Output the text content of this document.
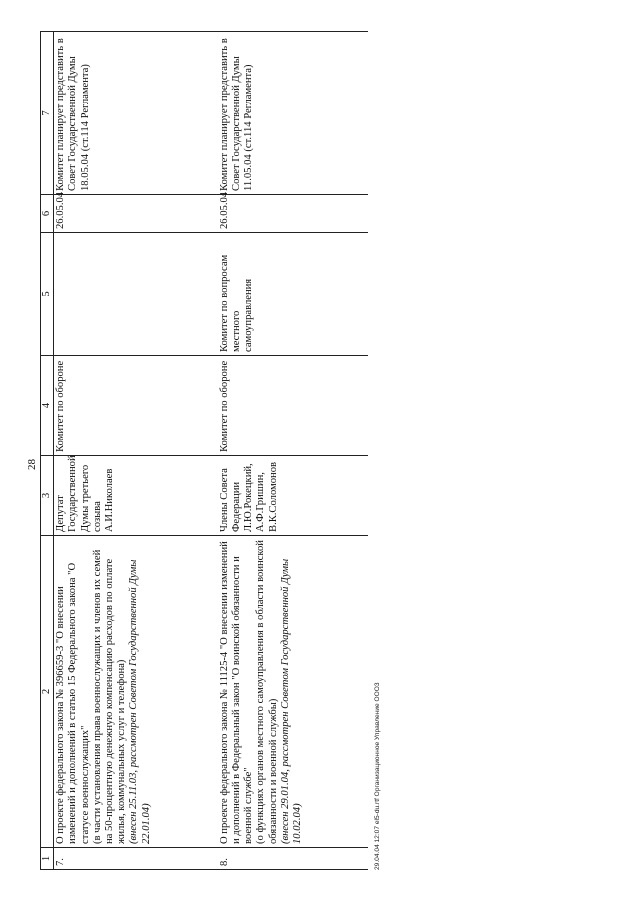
28
1	2	3	4	5	6	7
7.	О проекте федерального закона № 396659-3 "О внесении изменений и дополнений в статью 15 Федерального закона "О статусе военнослужащих" (в части установления права военнослужащих и членов их семей на 50-процентную денежную компенсацию расходов по оплате жилья, коммунальных услуг и телефона) (внесен 25.11.03, рассмотрен Советом Государственной Думы 22.01.04)	Депутат Государственной Думы третьего созыва А.И.Николаев	Комитет по обороне		26.05.04	Комитет планирует представить в Совет Государственной Думы 18.05.04 (ст.114 Регламента)
8.	О проекте федерального закона № 11125-4 "О внесении изменений и дополнений в Федеральный закон "О воинской обязанности и военной службе" (о функциях органов местного самоуправления в области воинской обязанности и военной службы) (внесен 29.01.04, рассмотрен Советом Государственной Думы 10.02.04)	Члены Совета Федерации Л.Ю.Рокецкий, А.Ф.Гришин, В.К.Соломонов	Комитет по обороне	Комитет по вопросам местного самоуправления	26.05.04	Комитет планирует представить в Совет Государственной Думы 11.05.04 (ст.114 Регламента)
29.04.04 12:07 el5-du.rtf Организационное Управление ООО3
